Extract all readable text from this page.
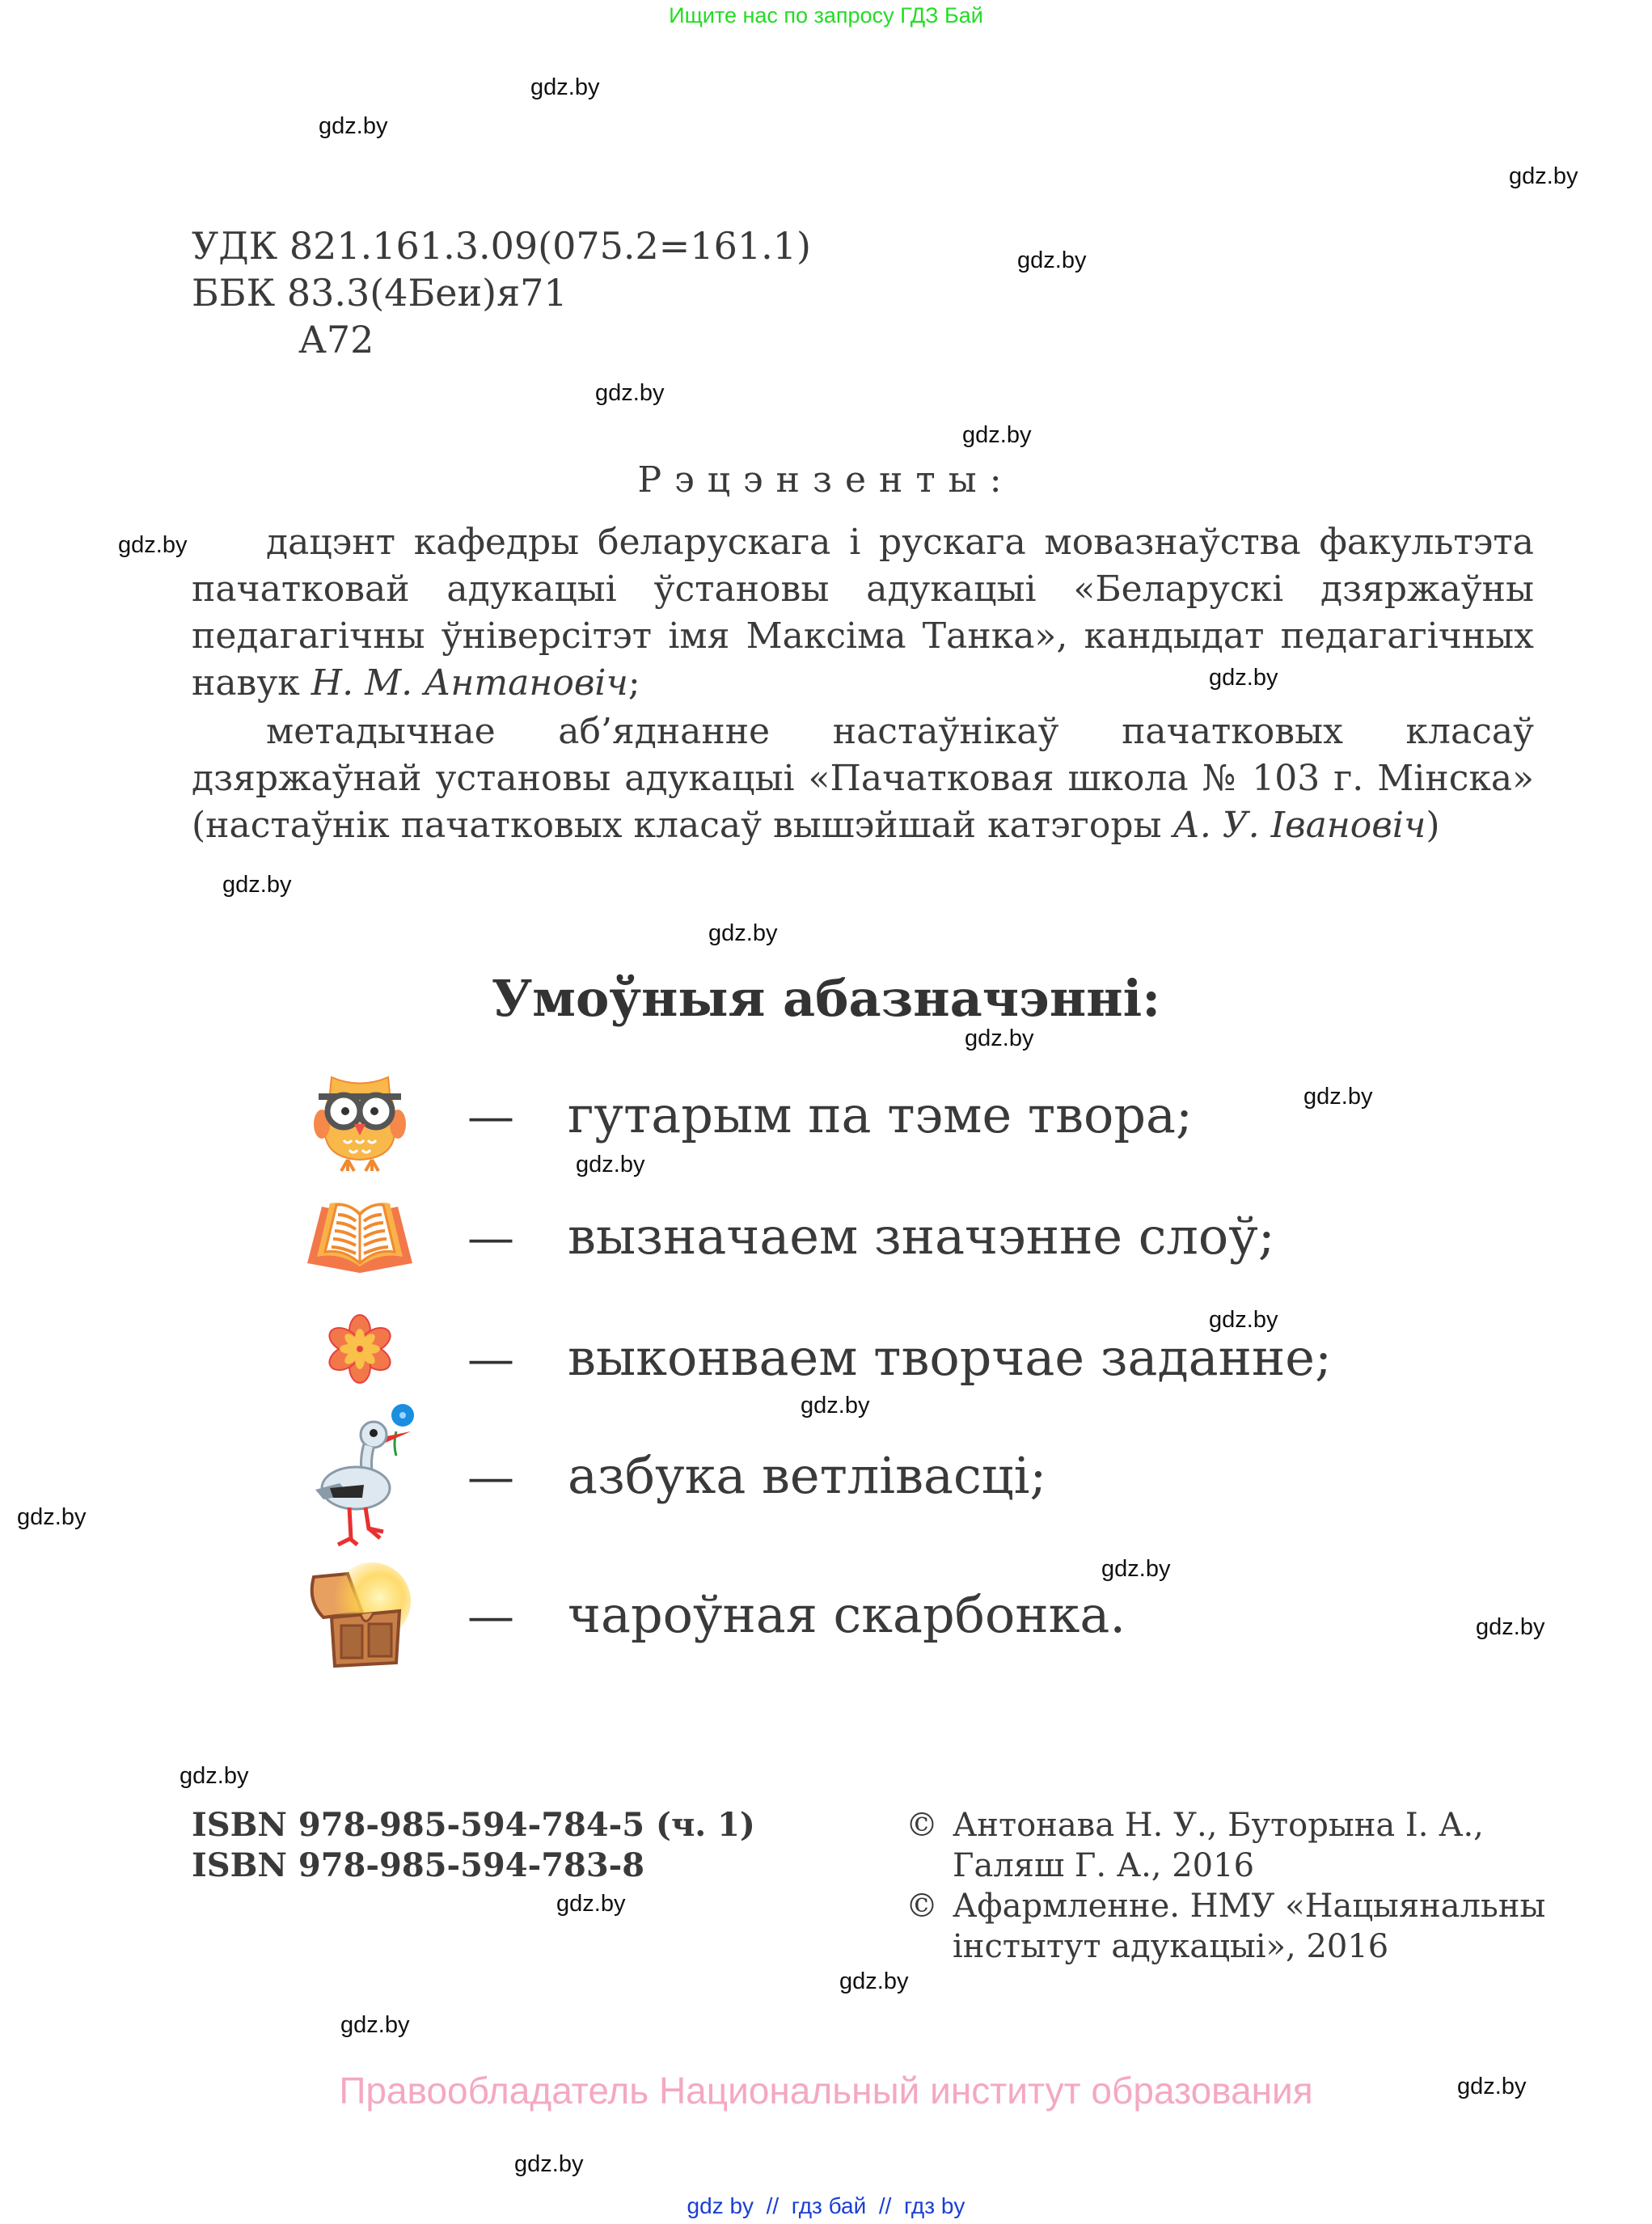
Ищите нас по запросу ГДЗ Бай
gdz.by
gdz.by
gdz.by
gdz.by
gdz.by
gdz.by
gdz.by
gdz.by
gdz.by
gdz.by
gdz.by
gdz.by
gdz.by
gdz.by
gdz.by
gdz.by
gdz.by
gdz.by
gdz.by
gdz.by
gdz.by
gdz.by
gdz.by
gdz.by
УДК 821.161.3.09(075.2=161.1)
ББК 83.3(4Беи)я71
А72
Рэцэнзенты:
дацэнт кафедры беларускага і рускага мовазнаўства факультэта пачатковай адукацыі ўстановы адукацыі «Беларускі дзяржаўны педагагічны ўніверсітэт імя Максіма Танка», кандыдат педагагічных навук Н. М. Антановіч;
метадычнае аб’яднанне настаўнікаў пачатковых класаў дзяржаўнай установы адукацыі «Пачатковая школа № 103 г. Мінска» (настаўнік пачатковых класаў вышэйшай катэгоры А. У. Івановіч)
Умоўныя абазначэнні:
— гутарым па тэме твора;
— вызначаем значэнне слоў;
— выконваем творчае заданне;
— азбука ветлівасці;
— чароўная скарбонка.
ISBN 978-985-594-784-5 (ч. 1)
ISBN 978-985-594-783-8
© Антонава Н. У., Буторына І. А.,
Галяш Г. А., 2016
© Афармленне. НМУ «Нацыянальны
інстытут адукацыі», 2016
Правообладатель Национальный институт образования
gdz by // гдз бай // гдз by
